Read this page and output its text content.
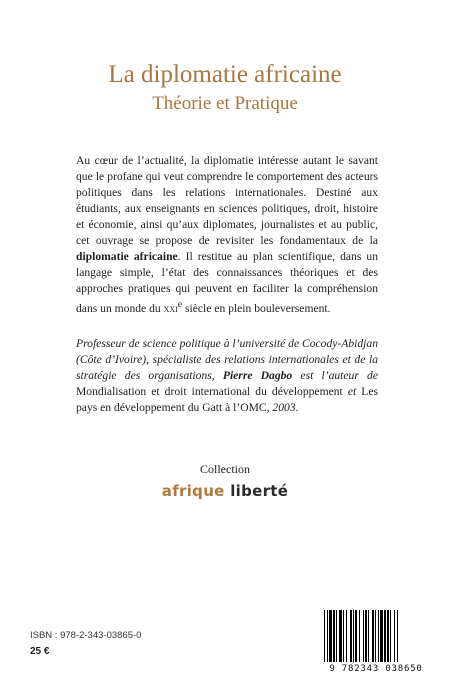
La diplomatie africaine
Théorie et Pratique

Au cœur de l’actualité, la diplomatie intéresse autant le savant que le profane qui veut comprendre le comportement des acteurs politiques dans les relations internationales. Destiné aux étudiants, aux enseignants en sciences politiques, droit, histoire et économie, ainsi qu’aux diplomates, journalistes et au public, cet ouvrage se propose de revisiter les fondamentaux de la diplomatie africaine. Il restitue au plan scientifique, dans un langage simple, l’état des connaissances théoriques et des approches pratiques qui peuvent en faciliter la compréhension dans un monde du xxi$^e$ siècle en plein bouleversement.

Professeur de science politique à l’université de Cocody-Abidjan (Côte d’Ivoire), spécialiste des relations internationales et de la stratégie des organisations, Pierre Dagbo est l’auteur de Mondialisation et droit international du développement et Les pays en développement du Gatt à l’OMC, 2003.

Collection
afrique liberté
ISBN : 978-2-343-03865-0
25 €
9 782343 038650
